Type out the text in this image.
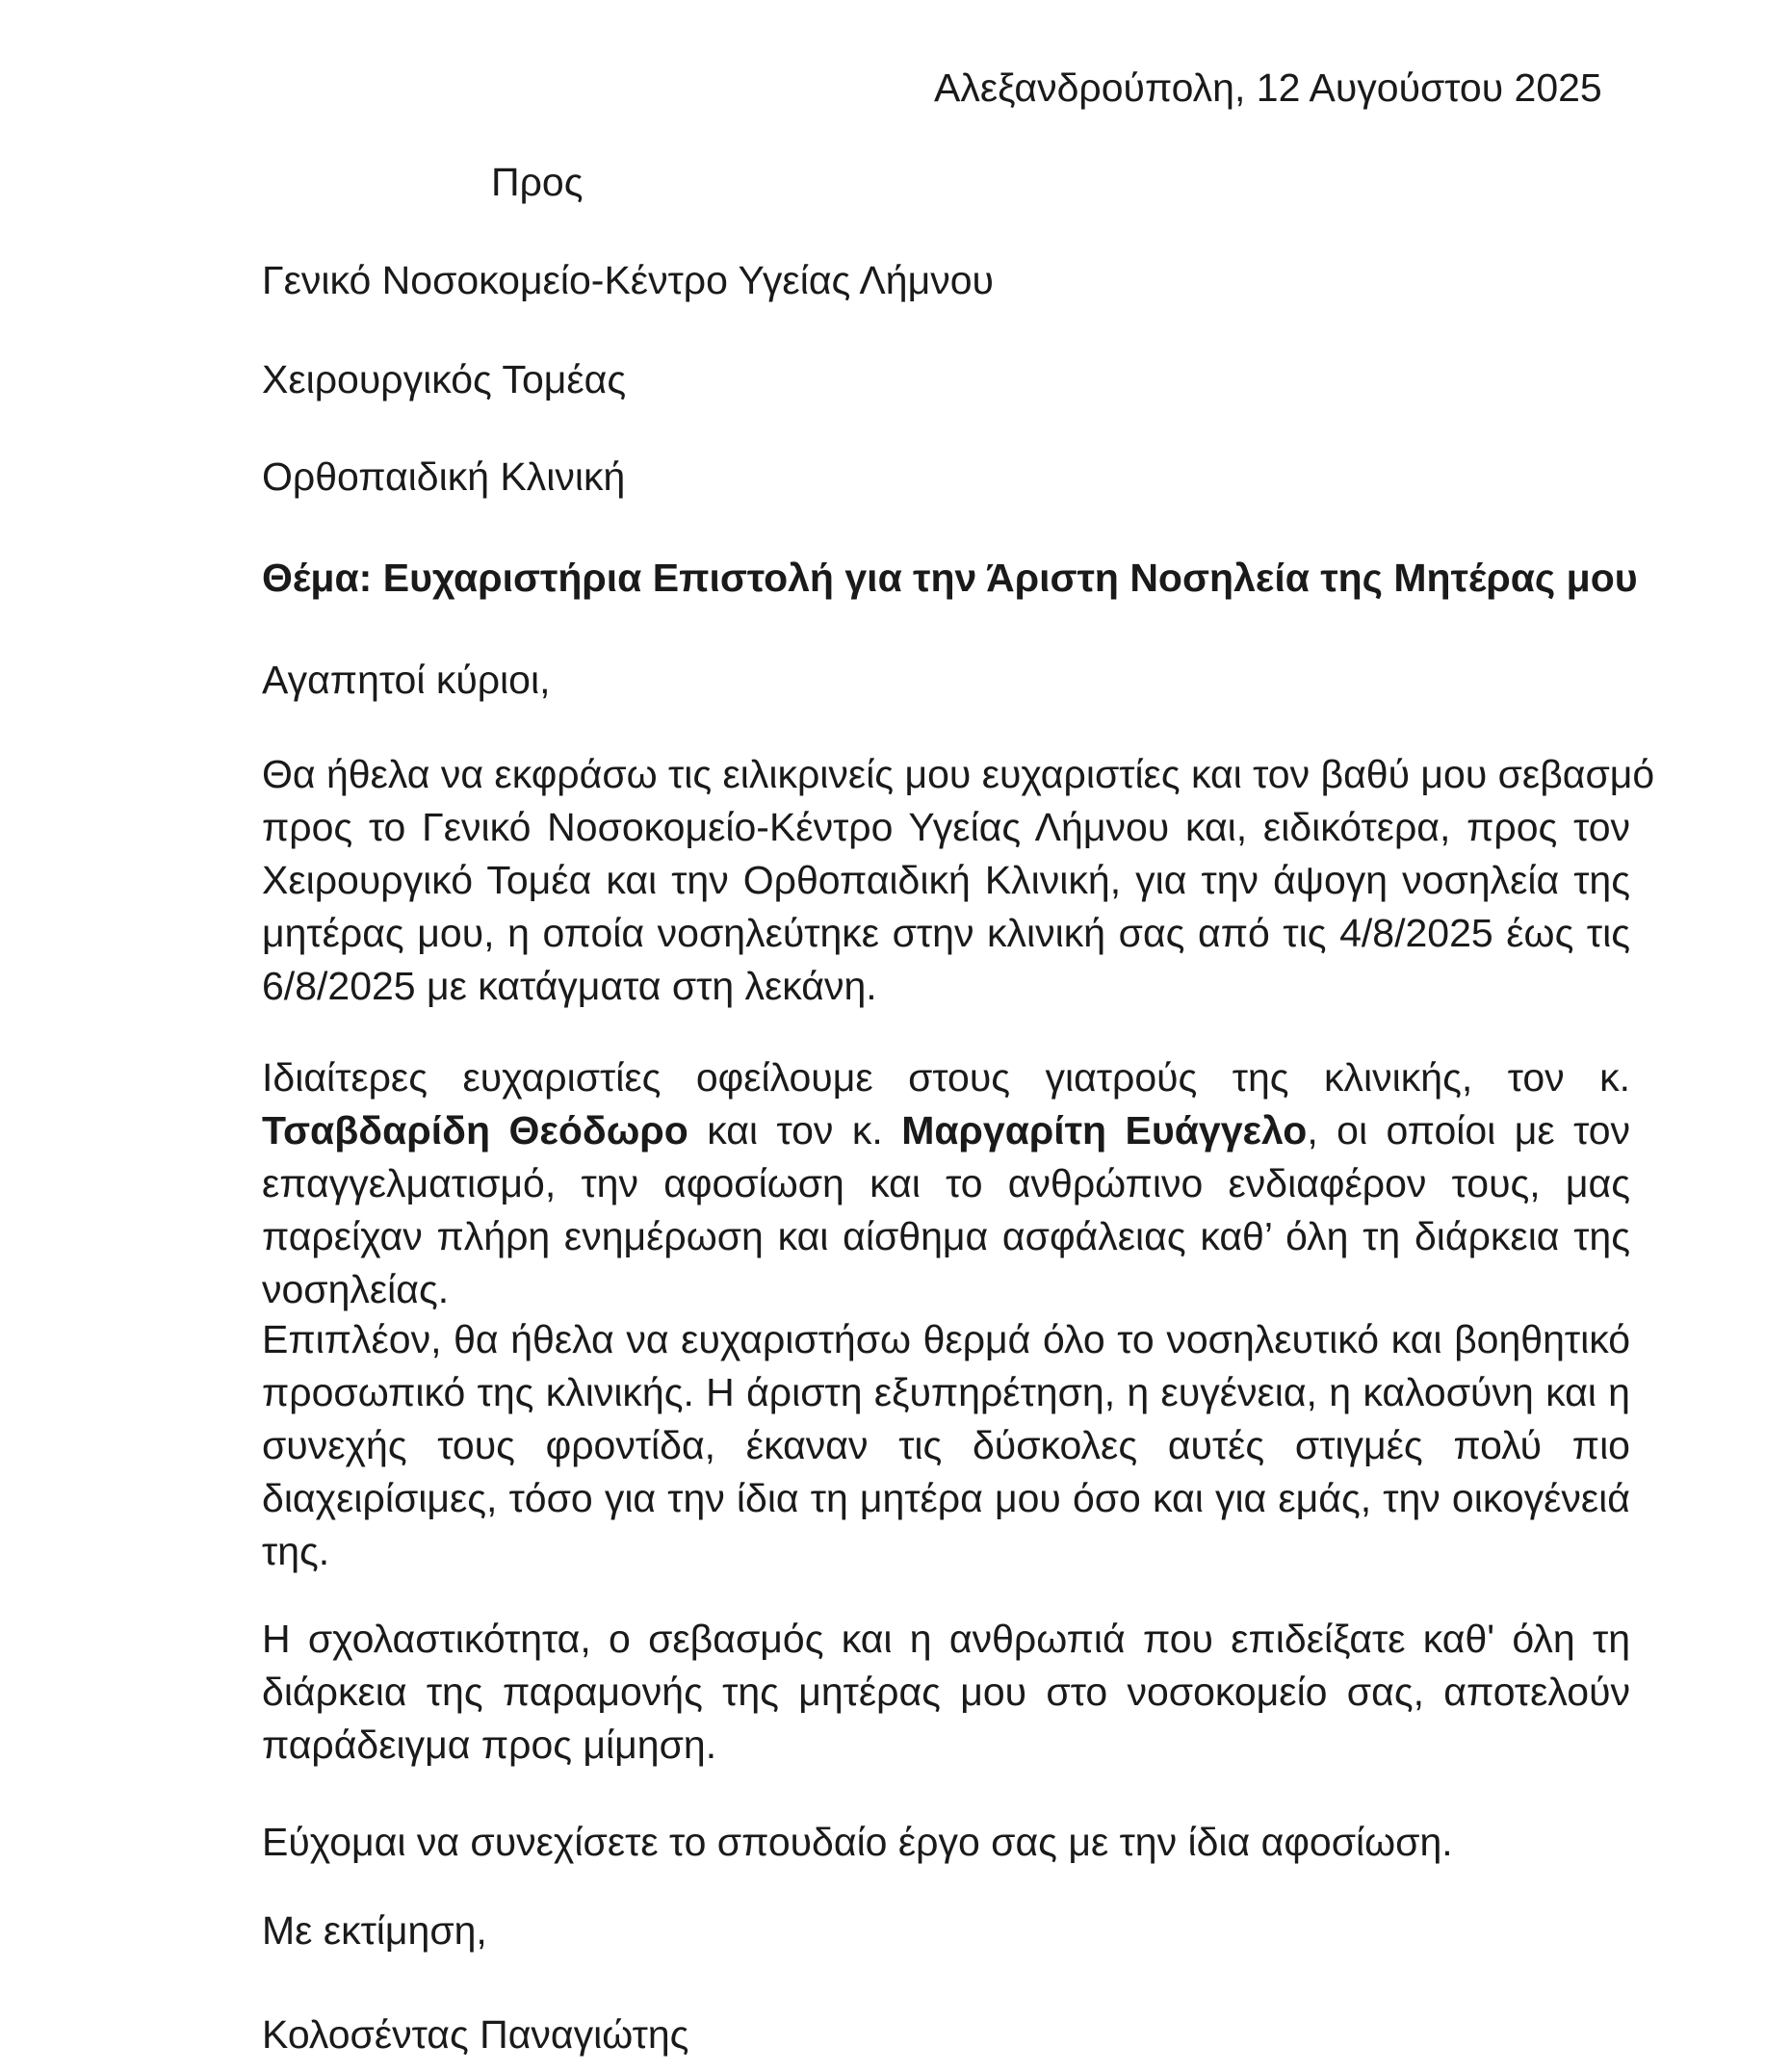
Αλεξανδρούπολη, 12 Αυγούστου 2025
Προς
Γενικό Νοσοκομείο-Κέντρο Υγείας Λήμνου
Χειρουργικός Τομέας
Ορθοπαιδική Κλινική
Θέμα: Ευχαριστήρια Επιστολή για την Άριστη Νοσηλεία της Μητέρας μου
Αγαπητοί κύριοι,
Θα ήθελα να εκφράσω τις ειλικρινείς μου ευχαριστίες και τον βαθύ μου σεβασμό
προς το Γενικό Νοσοκομείο-Κέντρο Υγείας Λήμνου και, ειδικότερα, προς τον
Χειρουργικό Τομέα και την Ορθοπαιδική Κλινική, για την άψογη νοσηλεία της
μητέρας μου, η οποία νοσηλεύτηκε στην κλινική σας από τις 4/8/2025 έως τις
6/8/2025 με κατάγματα στη λεκάνη.
Ιδιαίτερες ευχαριστίες οφείλουμε στους γιατρούς της κλινικής, τον κ.
Τσαβδαρίδη Θεόδωρο και τον κ. Μαργαρίτη Ευάγγελο, οι οποίοι με τον
επαγγελματισμό, την αφοσίωση και το ανθρώπινο ενδιαφέρον τους, μας
παρείχαν πλήρη ενημέρωση και αίσθημα ασφάλειας καθ’ όλη τη διάρκεια της
νοσηλείας.
Επιπλέον, θα ήθελα να ευχαριστήσω θερμά όλο το νοσηλευτικό και βοηθητικό
προσωπικό της κλινικής. Η άριστη εξυπηρέτηση, η ευγένεια, η καλοσύνη και η
συνεχής τους φροντίδα, έκαναν τις δύσκολες αυτές στιγμές πολύ πιο
διαχειρίσιμες, τόσο για την ίδια τη μητέρα μου όσο και για εμάς, την οικογένειά
της.
Η σχολαστικότητα, ο σεβασμός και η ανθρωπιά που επιδείξατε καθ' όλη τη
διάρκεια της παραμονής της μητέρας μου στο νοσοκομείο σας, αποτελούν
παράδειγμα προς μίμηση.
Εύχομαι να συνεχίσετε το σπουδαίο έργο σας με την ίδια αφοσίωση.
Με εκτίμηση,
Κολοσέντας Παναγιώτης
